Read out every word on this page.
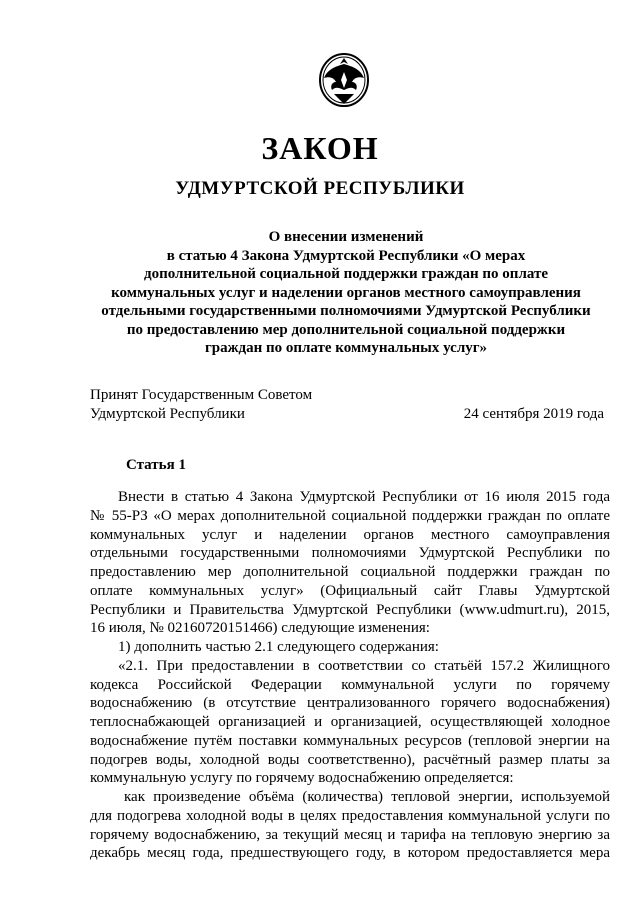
ЗАКОН
УДМУРТСКОЙ РЕСПУБЛИКИ
О внесении изменений
в статью 4 Закона Удмуртской Республики «О мерах
дополнительной социальной поддержки граждан по оплате
коммунальных услуг и наделении органов местного самоуправления
отдельными государственными полномочиями Удмуртской Республики
по предоставлению мер дополнительной социальной поддержки
граждан по оплате коммунальных услуг»
Принят Государственным Советом
Удмуртской Республики	24 сентября 2019 года
Статья 1
Внести в статью 4 Закона Удмуртской Республики от 16 июля 2015 года
№ 55-РЗ «О мерах дополнительной социальной поддержки граждан по оплате
коммунальных услуг и наделении органов местного самоуправления
отдельными государственными полномочиями Удмуртской Республики по
предоставлению мер дополнительной социальной поддержки граждан по
оплате коммунальных услуг» (Официальный сайт Главы Удмуртской
Республики и Правительства Удмуртской Республики (www.udmurt.ru), 2015,
16 июля, № 02160720151466) следующие изменения:
1) дополнить частью 2.1 следующего содержания:
«2.1. При предоставлении в соответствии со статьёй 157.2 Жилищного
кодекса Российской Федерации коммунальной услуги по горячему
водоснабжению (в отсутствие централизованного горячего водоснабжения)
теплоснабжающей организацией и организацией, осуществляющей холодное
водоснабжение путём поставки коммунальных ресурсов (тепловой энергии на
подогрев воды, холодной воды соответственно), расчётный размер платы за
коммунальную услугу по горячему водоснабжению определяется:
как произведение объёма (количества) тепловой энергии, используемой
для подогрева холодной воды в целях предоставления коммунальной услуги по
горячему водоснабжению, за текущий месяц и тарифа на тепловую энергию за
декабрь месяц года, предшествующего году, в котором предоставляется мера
